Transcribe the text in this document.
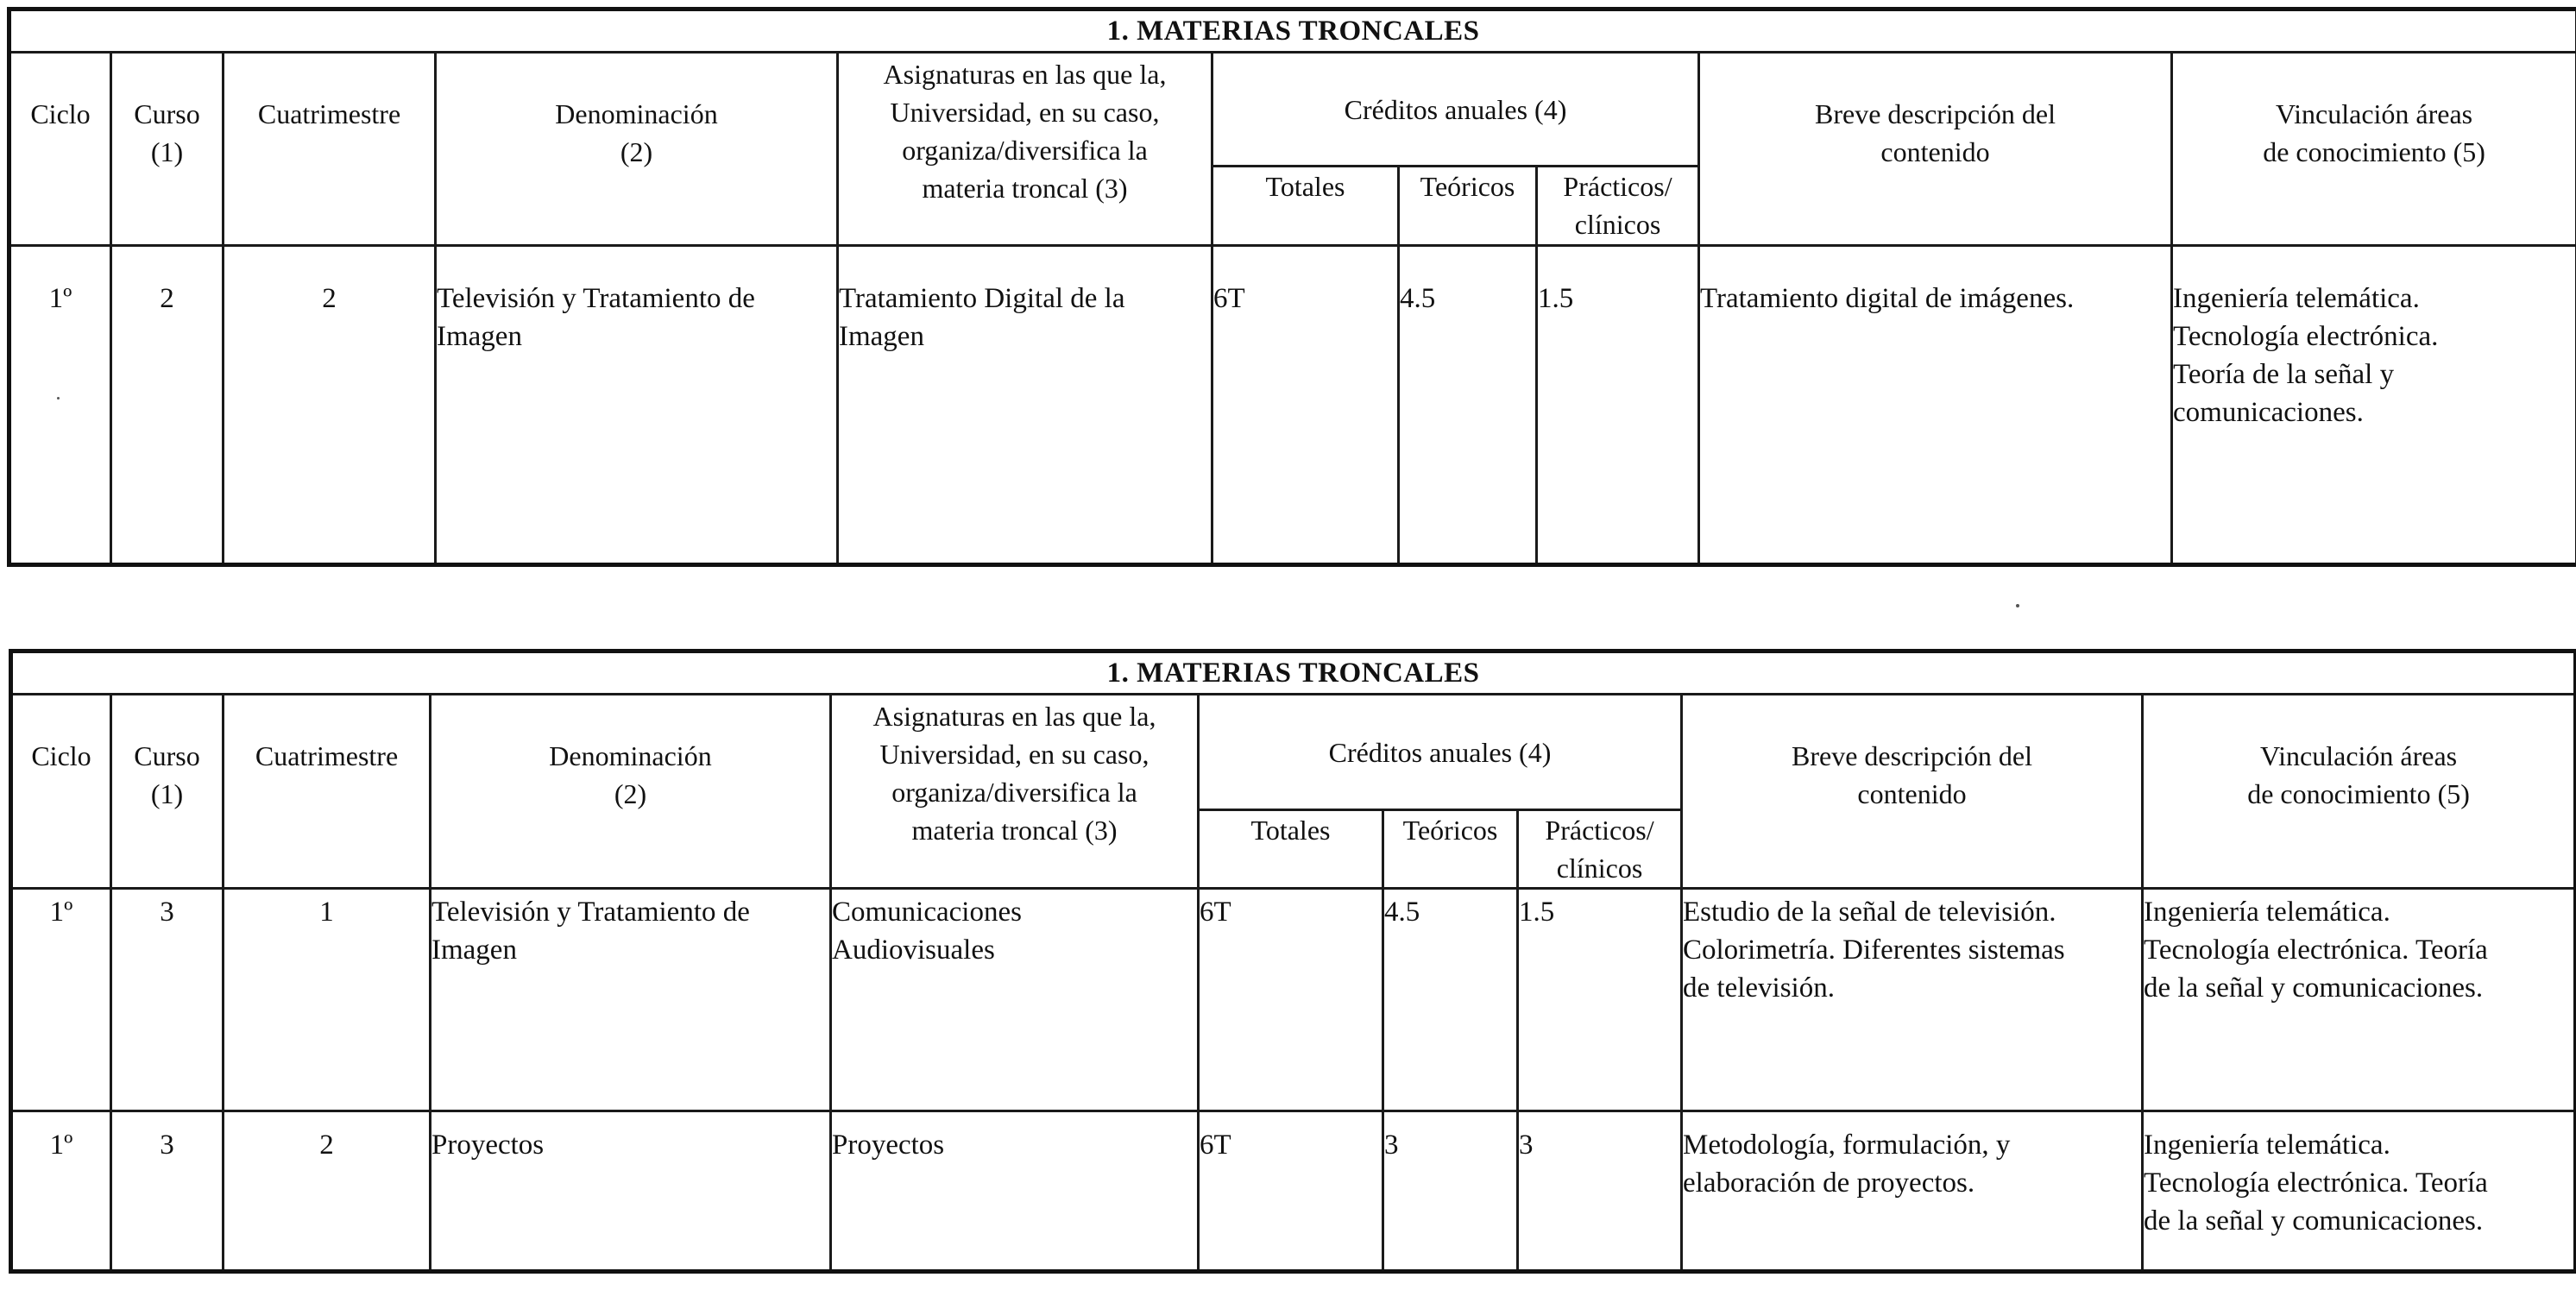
1. MATERIAS TRONCALES									
Ciclo	Curso
(1)	Cuatrimestre	Denominación
(2)	Asignaturas en las que la,
Universidad, en su caso,
organiza/diversifica la
materia troncal (3)	Créditos anuales (4)			Breve descripción del
contenido	Vinculación áreas
de conocimiento (5)
					Totales	Teóricos	Prácticos/
clínicos		
1º	2	2	Televisión y Tratamiento de Imagen	Tratamiento Digital de la Imagen	6T	4.5	1.5	Tratamiento digital de imágenes.	Ingeniería telemática.
Tecnología electrónica.
Teoría de la señal y
comunicaciones.
1. MATERIAS TRONCALES									
Ciclo	Curso
(1)	Cuatrimestre	Denominación
(2)	Asignaturas en las que la,
Universidad, en su caso,
organiza/diversifica la
materia troncal (3)	Créditos anuales (4)			Breve descripción del
contenido	Vinculación áreas
de conocimiento (5)
					Totales	Teóricos	Prácticos/
clínicos		
1º	3	1	Televisión y Tratamiento de Imagen	Comunicaciones
Audiovisuales	6T	4.5	1.5	Estudio de la señal de televisión.
Colorimetría. Diferentes sistemas
de televisión.	Ingeniería telemática.
Tecnología electrónica. Teoría
de la señal y comunicaciones.
1º	3	2	Proyectos	Proyectos	6T	3	3	Metodología, formulación, y
elaboración de proyectos.	Ingeniería telemática.
Tecnología electrónica. Teoría
de la señal y comunicaciones.
